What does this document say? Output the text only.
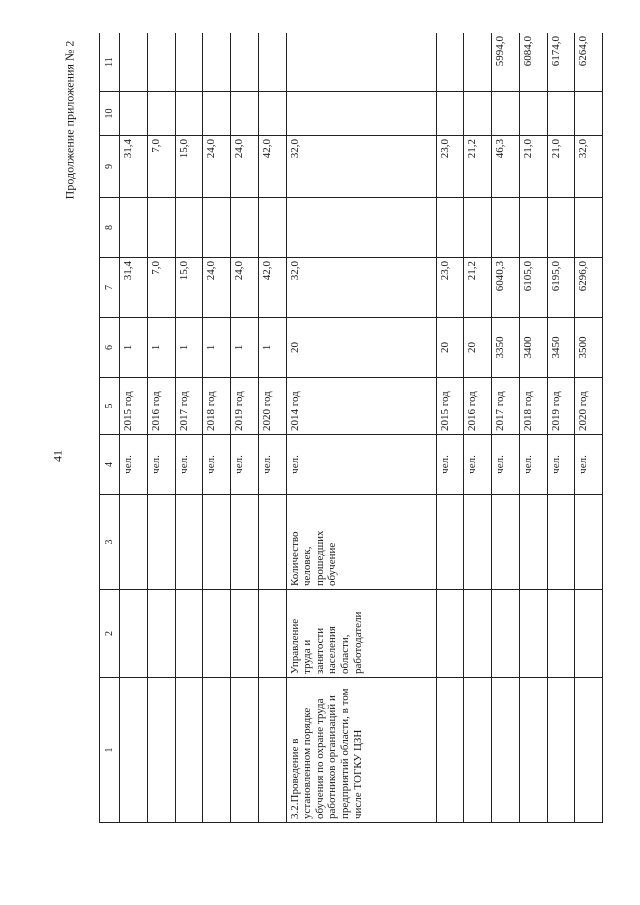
41
Продолжение приложения № 2
1	2	3	4	5	6	7	8	9	10	11
			чел.	2015 год	1	31,4		31,4		
			чел.	2016 год	1	7,0		7,0		
			чел.	2017 год	1	15,0		15,0		
			чел.	2018 год	1	24,0		24,0		
			чел.	2019 год	1	24,0		24,0		
			чел.	2020 год	1	42,0		42,0		
3.2.Проведение в установленном порядке обучения по охране труда работников организаций и предприятий области, в том числе ТОГКУ ЦЗН	Управление труда и занятости населения области, работодатели	Количество человек, прошедших обучение	чел.	2014 год	20	32,0		32,0		
			чел.	2015 год	20	23,0		23,0		
			чел.	2016 год	20	21,2		21,2		
			чел.	2017 год	3350	6040,3		46,3		5994,0
			чел.	2018 год	3400	6105,0		21,0		6084,0
			чел.	2019 год	3450	6195,0		21,0		6174,0
			чел.	2020 год	3500	6296,0		32,0		6264,0
